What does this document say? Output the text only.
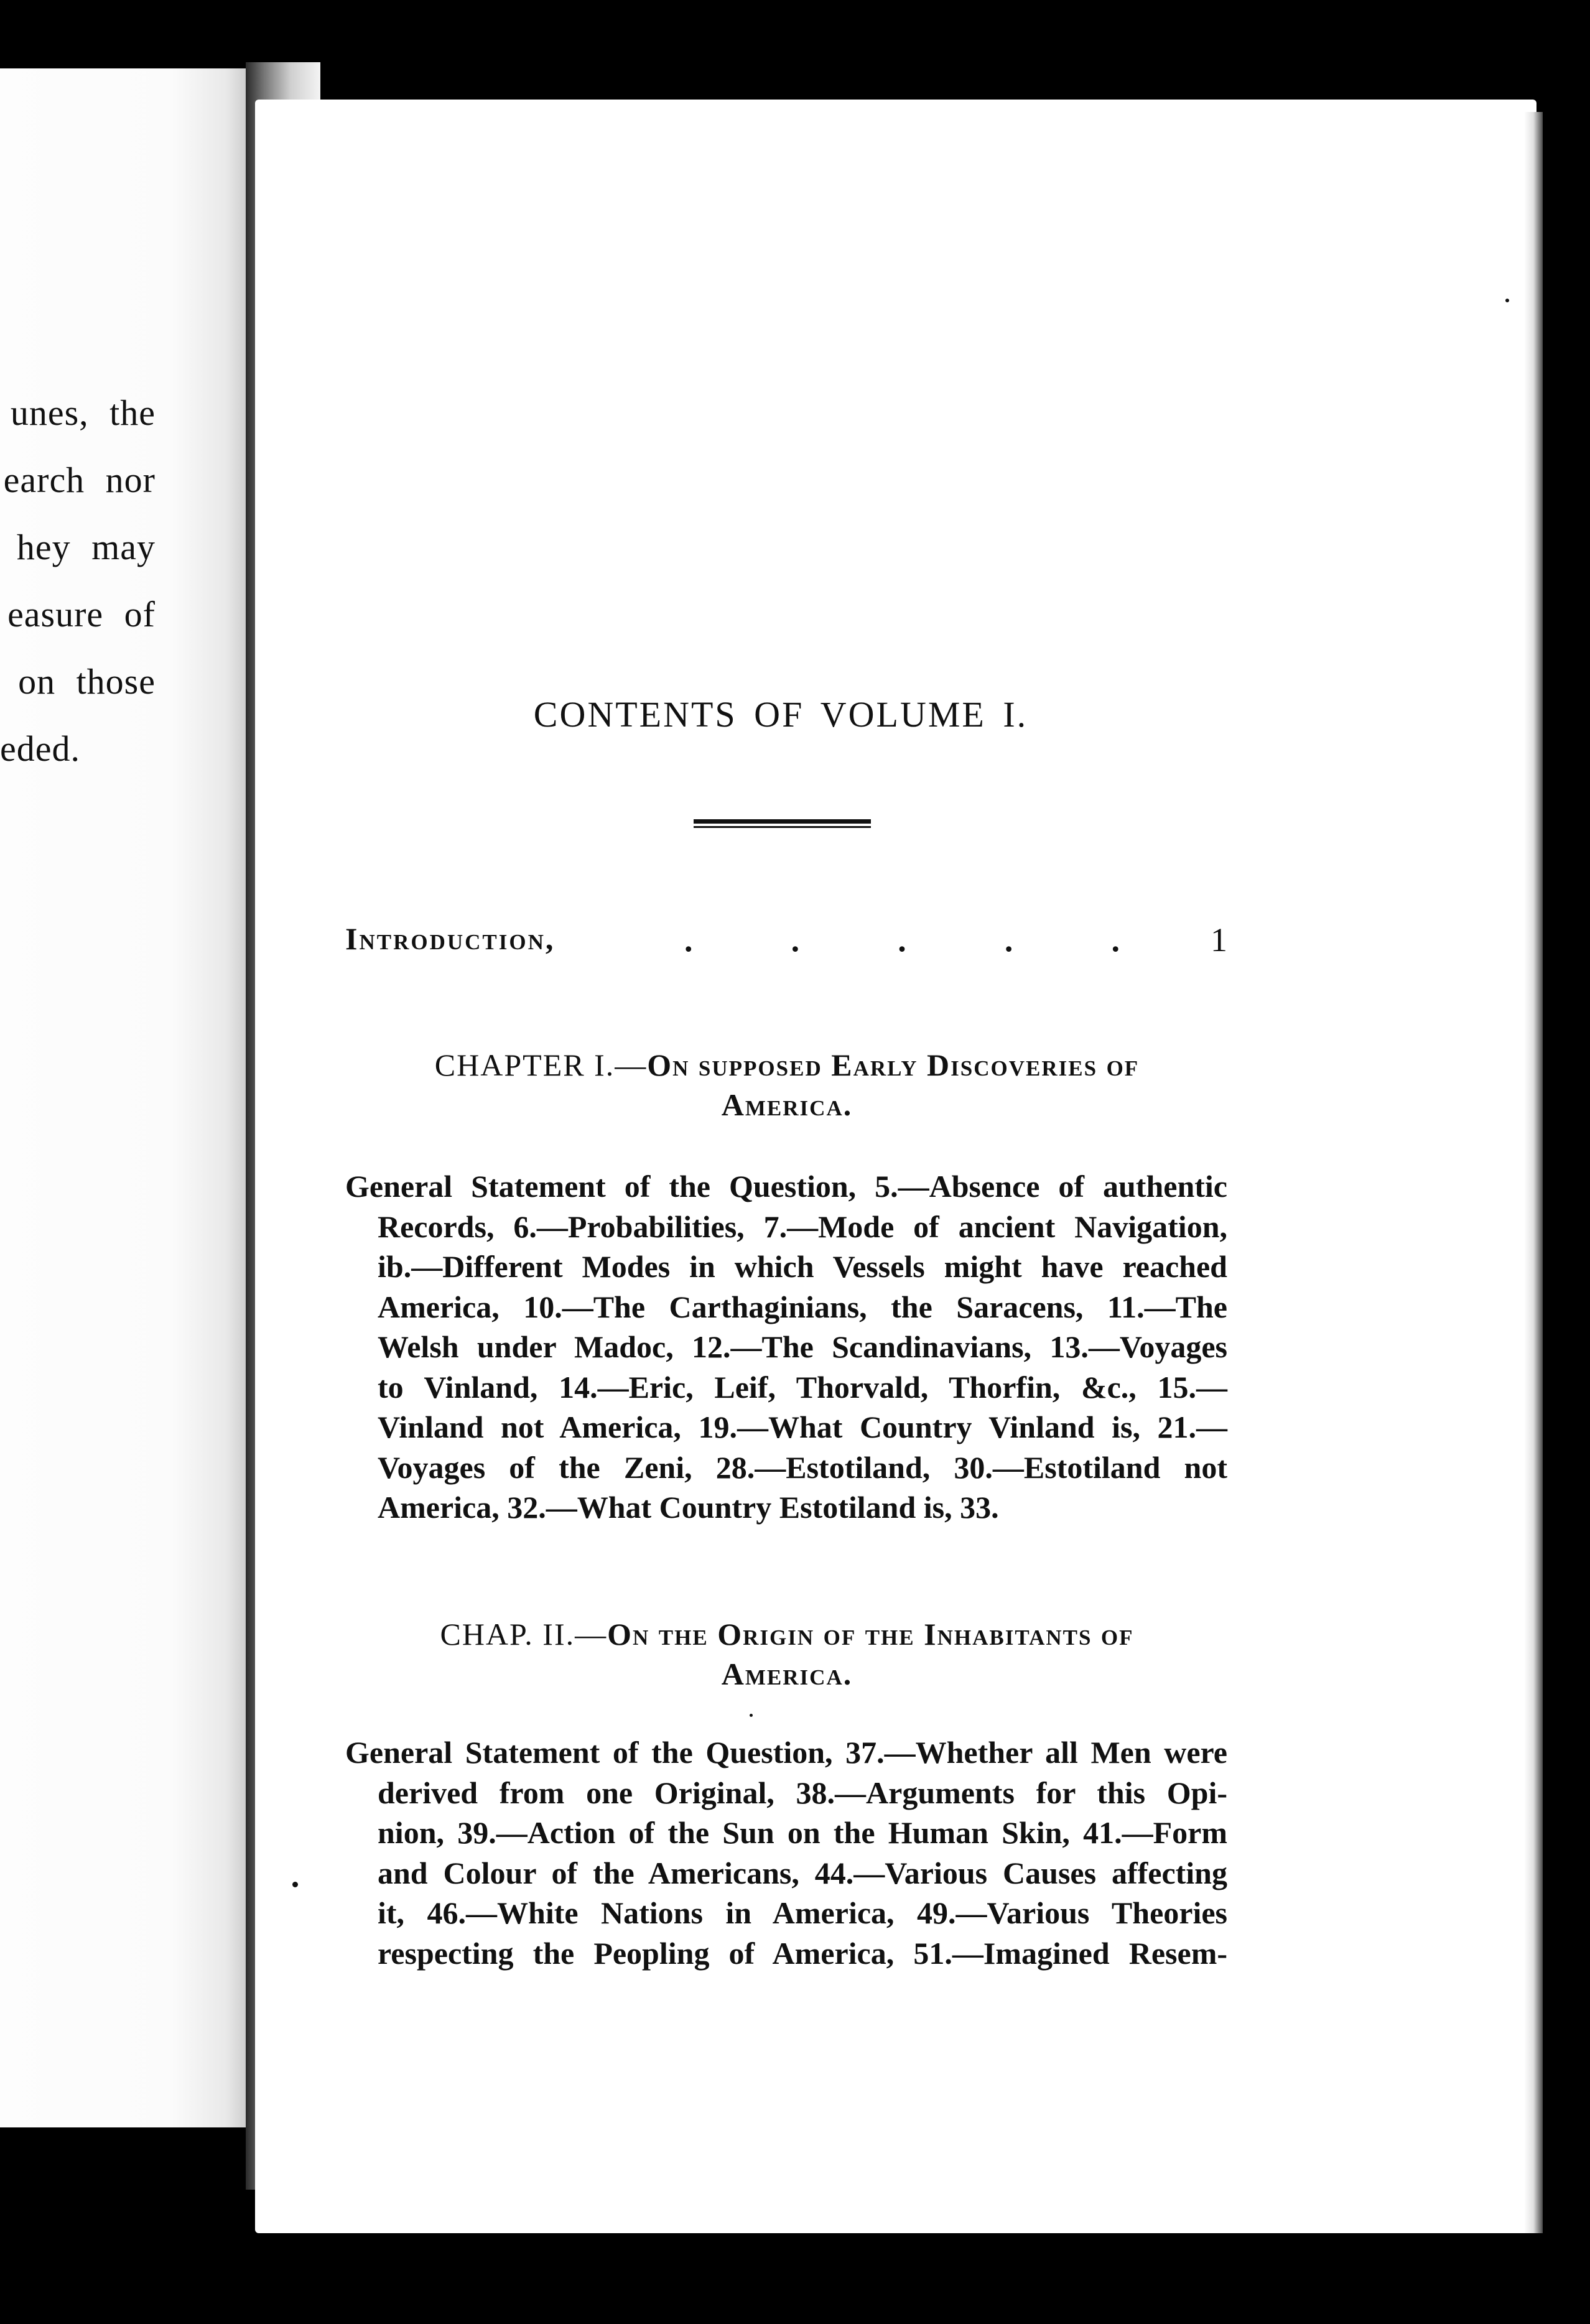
unes, the
earch nor
hey may
easure of
on those
eded.
CONTENTS OF VOLUME I.
Introduction,	.	.	.	.	.	1
CHAPTER I.—On supposed Early Discoveries of
America.
General Statement of the Question, 5.—Absence of authentic
Records, 6.—Probabilities, 7.—Mode of ancient Navigation,
ib.—Different Modes in which Vessels might have reached
America, 10.—The Carthaginians, the Saracens, 11.—The
Welsh under Madoc, 12.—The Scandinavians, 13.—Voyages
to Vinland, 14.—Eric, Leif, Thorvald, Thorfin, &c., 15.—
Vinland not America, 19.—What Country Vinland is, 21.—
Voyages of the Zeni, 28.—Estotiland, 30.—Estotiland not
America, 32.—What Country Estotiland is, 33.
CHAP. II.—On the Origin of the Inhabitants of
America.
General Statement of the Question, 37.—Whether all Men were
derived from one Original, 38.—Arguments for this Opi-
nion, 39.—Action of the Sun on the Human Skin, 41.—Form
and Colour of the Americans, 44.—Various Causes affecting
it, 46.—White Nations in America, 49.—Various Theories
respecting the Peopling of America, 51.—Imagined Resem-
